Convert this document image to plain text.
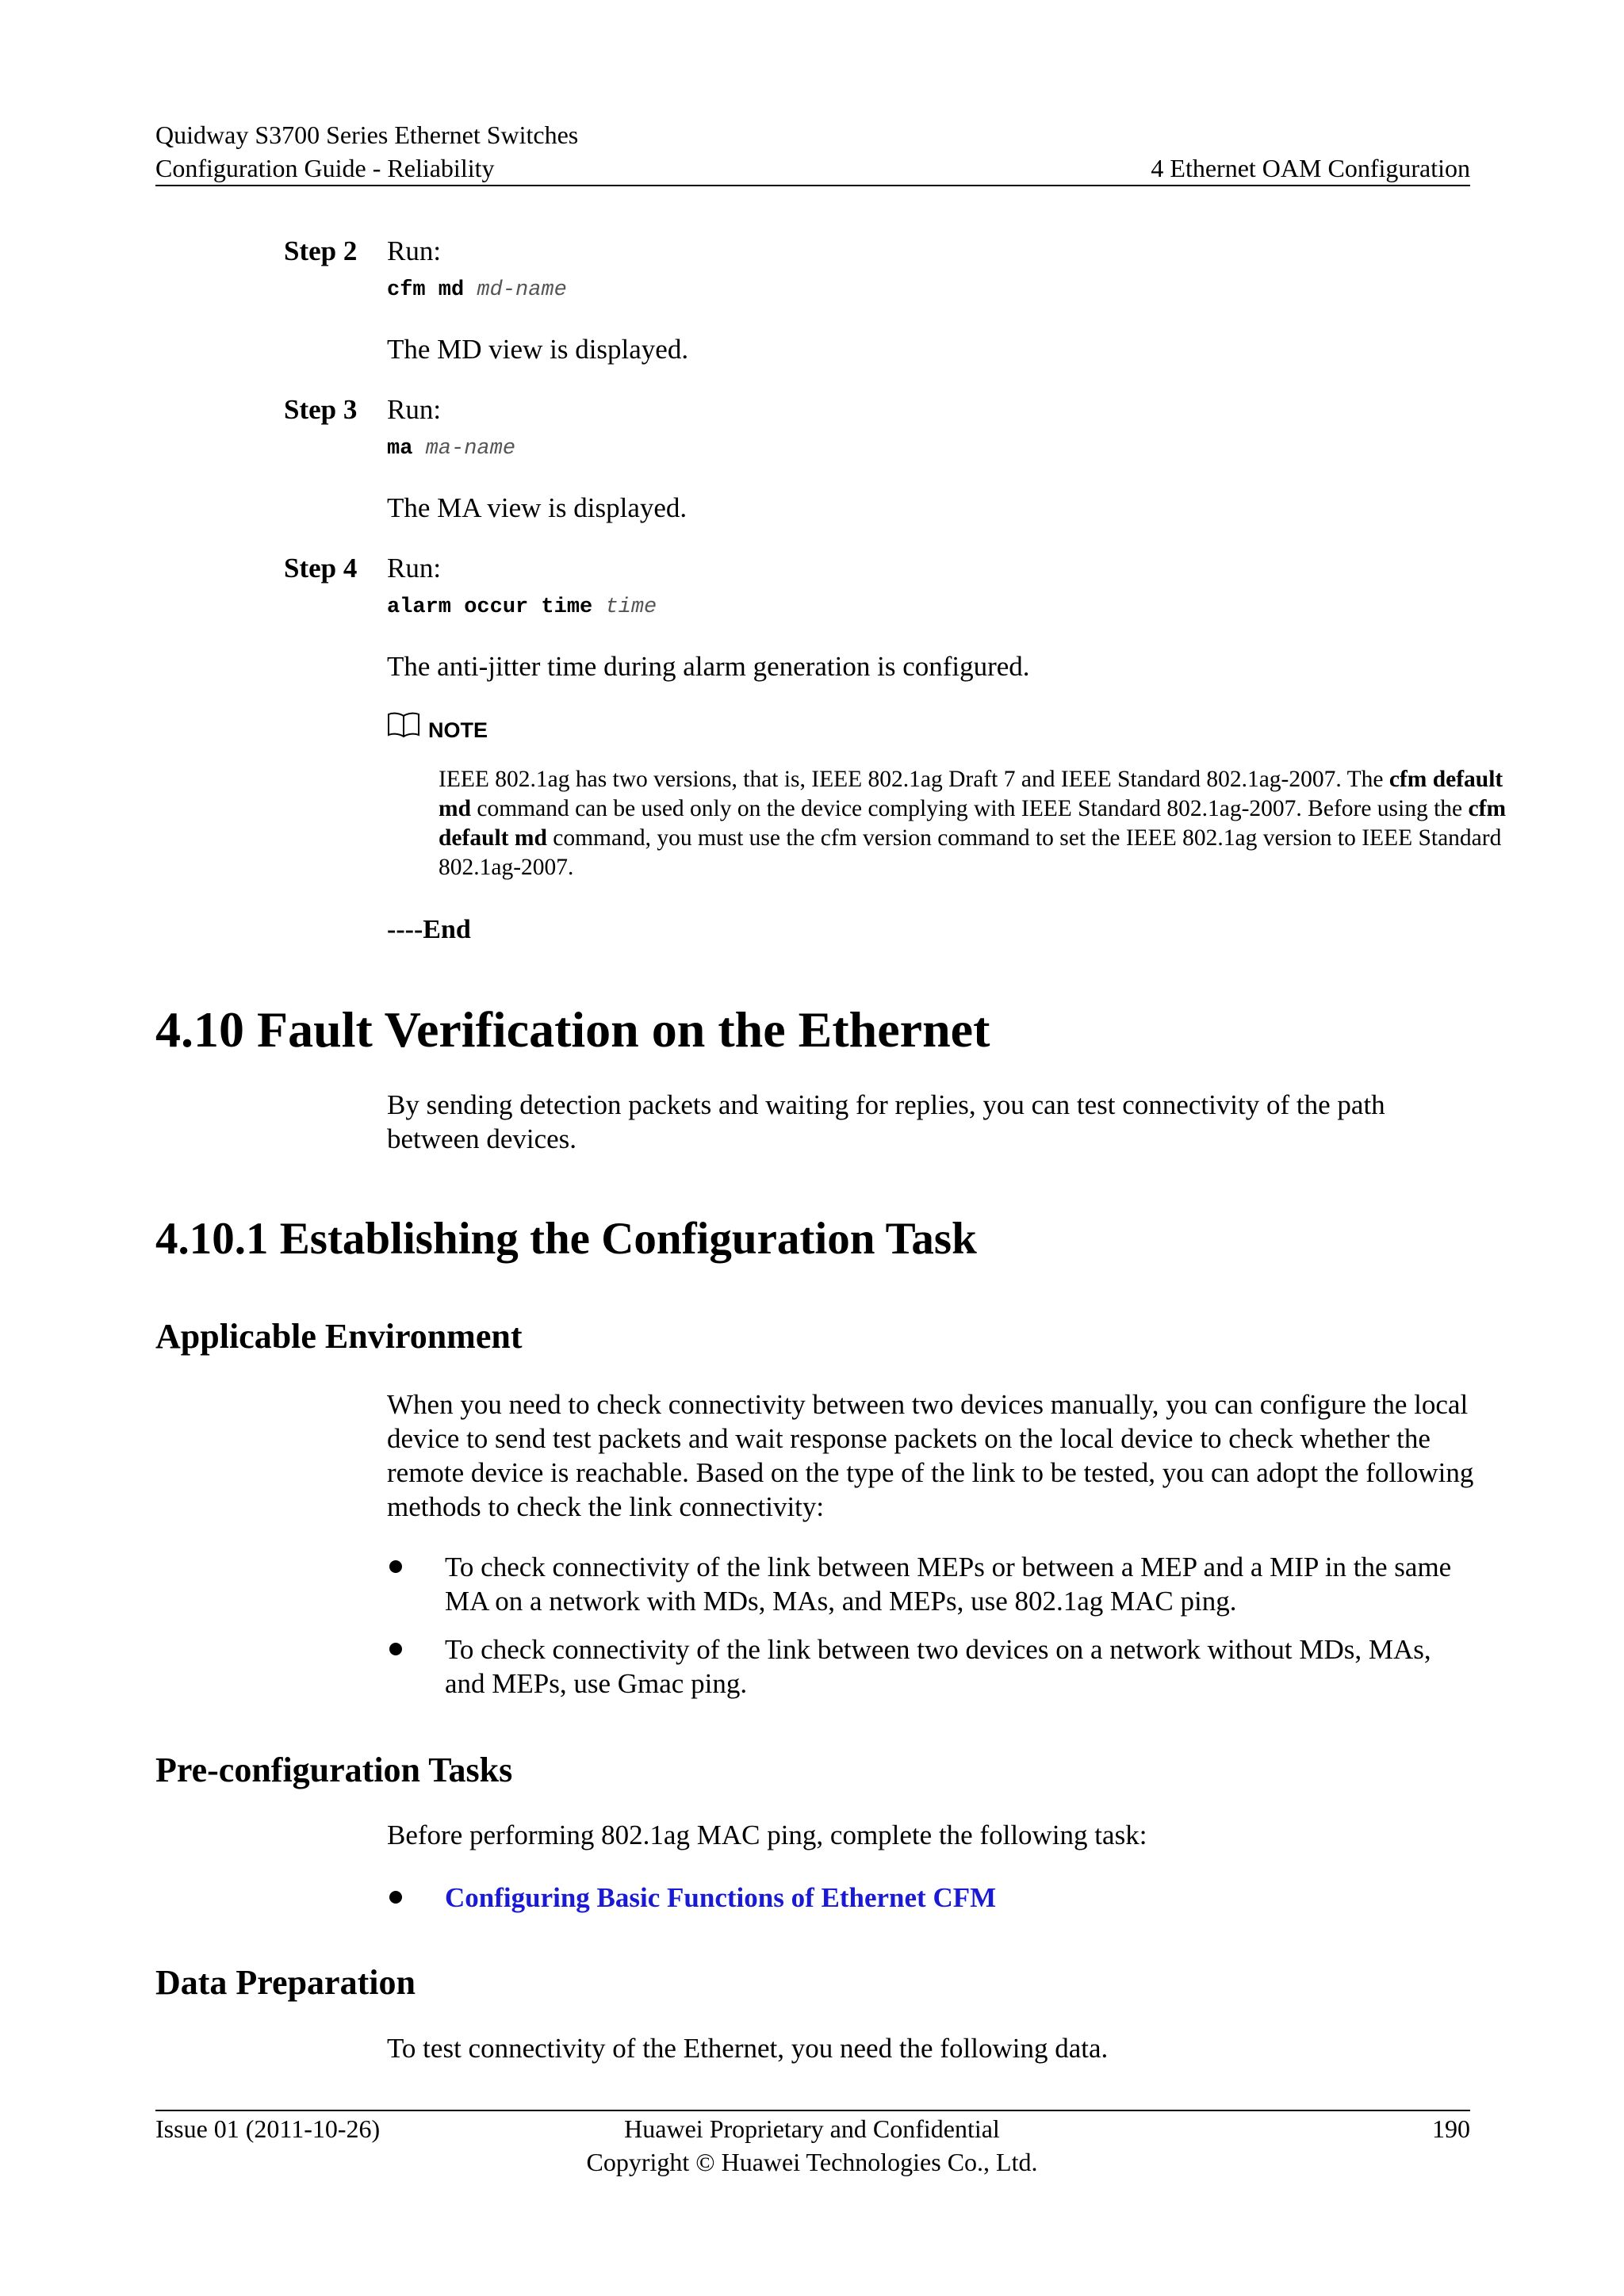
Quidway S3700 Series Ethernet Switches
Configuration Guide - Reliability	4 Ethernet OAM Configuration
Step 2 Run:
cfm md md-name
The MD view is displayed.
Step 3 Run:
ma ma-name
The MA view is displayed.
Step 4 Run:
alarm occur time time
The anti-jitter time during alarm generation is configured.
NOTE
IEEE 802.1ag has two versions, that is, IEEE 802.1ag Draft 7 and IEEE Standard 802.1ag-2007. The cfm default md command can be used only on the device complying with IEEE Standard 802.1ag-2007. Before using the cfm default md command, you must use the cfm version command to set the IEEE 802.1ag version to IEEE Standard 802.1ag-2007.
----End
4.10 Fault Verification on the Ethernet
By sending detection packets and waiting for replies, you can test connectivity of the path between devices.
4.10.1 Establishing the Configuration Task
Applicable Environment
When you need to check connectivity between two devices manually, you can configure the local device to send test packets and wait response packets on the local device to check whether the remote device is reachable. Based on the type of the link to be tested, you can adopt the following methods to check the link connectivity:
To check connectivity of the link between MEPs or between a MEP and a MIP in the same MA on a network with MDs, MAs, and MEPs, use 802.1ag MAC ping.
To check connectivity of the link between two devices on a network without MDs, MAs, and MEPs, use Gmac ping.
Pre-configuration Tasks
Before performing 802.1ag MAC ping, complete the following task:
Configuring Basic Functions of Ethernet CFM
Data Preparation
To test connectivity of the Ethernet, you need the following data.
Issue 01 (2011-10-26)	Huawei Proprietary and Confidential
Copyright © Huawei Technologies Co., Ltd.
190
